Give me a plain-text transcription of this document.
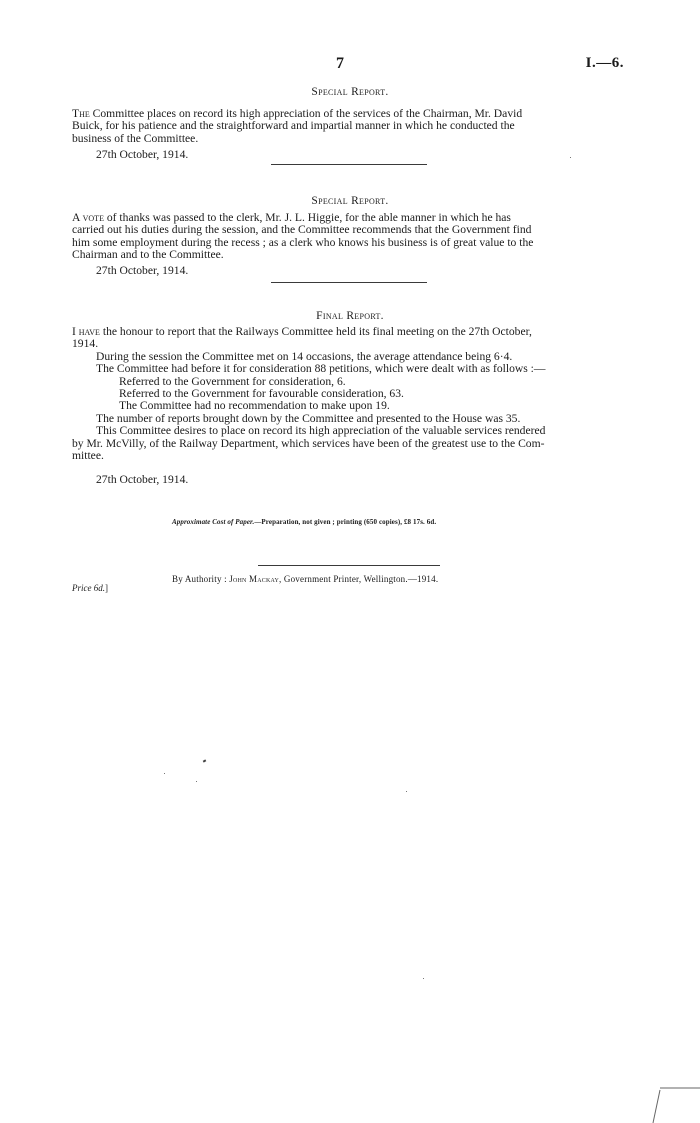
7	I.—6.
Special Report.
The Committee places on record its high appreciation of the services of the Chairman, Mr. David
Buick, for his patience and the straightforward and impartial manner in which he conducted the
business of the Committee.
27th October, 1914.
Special Report.
A vote of thanks was passed to the clerk, Mr. J. L. Higgie, for the able manner in which he has
carried out his duties during the session, and the Committee recommends that the Government find
him some employment during the recess ; as a clerk who knows his business is of great value to the
Chairman and to the Committee.
27th October, 1914.
Final Report.
I have the honour to report that the Railways Committee held its final meeting on the 27th October,
1914.
During the session the Committee met on 14 occasions, the average attendance being 6·4.
The Committee had before it for consideration 88 petitions, which were dealt with as follows :—
Referred to the Government for consideration, 6.
Referred to the Government for favourable consideration, 63.
The Committee had no recommendation to make upon 19.
The number of reports brought down by the Committee and presented to the House was 35.
This Committee desires to place on record its high appreciation of the valuable services rendered
by Mr. McVilly, of the Railway Department, which services have been of the greatest use to the Com-
mittee.
27th October, 1914.
Approximate Cost of Paper.—Preparation, not given ; printing (650 copies), £8 17s. 6d.
By Authority : John Mackay, Government Printer, Wellington.—1914.
Price 6d.]
